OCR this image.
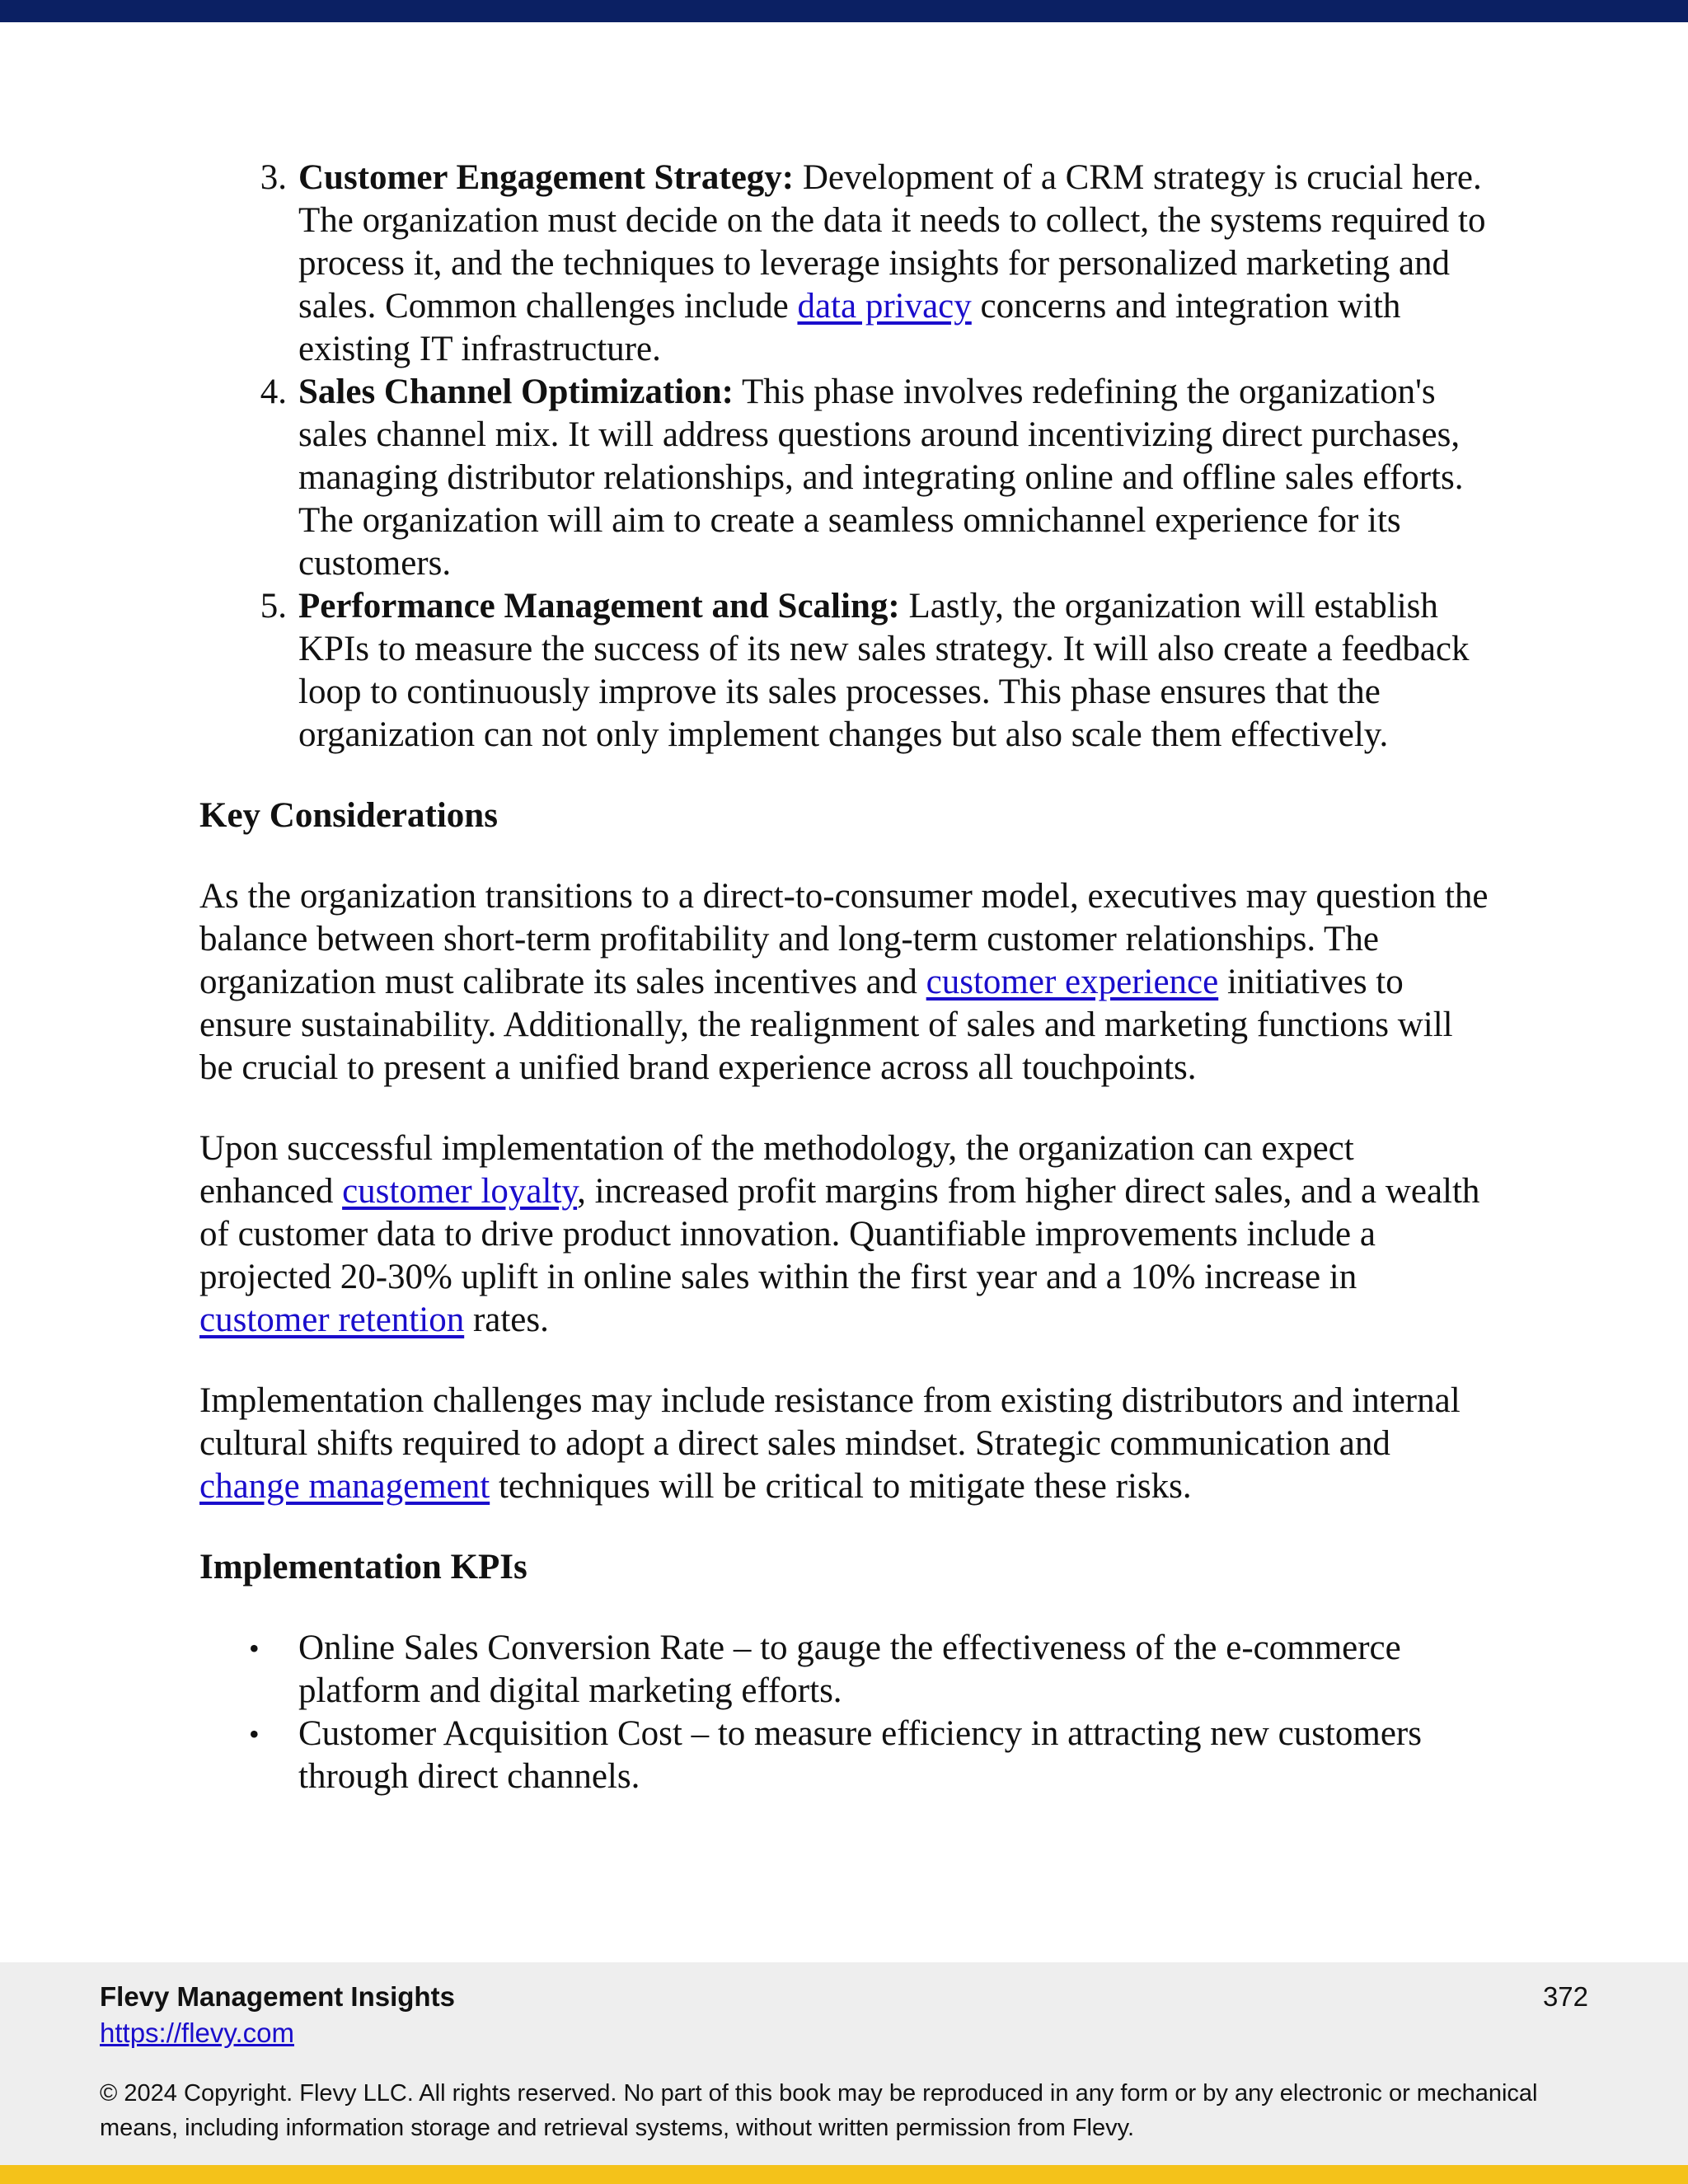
3. Customer Engagement Strategy: Development of a CRM strategy is crucial here. The organization must decide on the data it needs to collect, the systems required to process it, and the techniques to leverage insights for personalized marketing and sales. Common challenges include data privacy concerns and integration with existing IT infrastructure.
4. Sales Channel Optimization: This phase involves redefining the organization's sales channel mix. It will address questions around incentivizing direct purchases, managing distributor relationships, and integrating online and offline sales efforts. The organization will aim to create a seamless omnichannel experience for its customers.
5. Performance Management and Scaling: Lastly, the organization will establish KPIs to measure the success of its new sales strategy. It will also create a feedback loop to continuously improve its sales processes. This phase ensures that the organization can not only implement changes but also scale them effectively.
Key Considerations

As the organization transitions to a direct-to-consumer model, executives may question the balance between short-term profitability and long-term customer relationships. The organization must calibrate its sales incentives and customer experience initiatives to ensure sustainability. Additionally, the realignment of sales and marketing functions will be crucial to present a unified brand experience across all touchpoints.

Upon successful implementation of the methodology, the organization can expect enhanced customer loyalty, increased profit margins from higher direct sales, and a wealth of customer data to drive product innovation. Quantifiable improvements include a projected 20-30% uplift in online sales within the first year and a 10% increase in customer retention rates.

Implementation challenges may include resistance from existing distributors and internal cultural shifts required to adopt a direct sales mindset. Strategic communication and change management techniques will be critical to mitigate these risks.

Implementation KPIs
• Online Sales Conversion Rate – to gauge the effectiveness of the e-commerce platform and digital marketing efforts.
• Customer Acquisition Cost – to measure efficiency in attracting new customers through direct channels.
Flevy Management Insights
https://flevy.com
372
© 2024 Copyright. Flevy LLC. All rights reserved. No part of this book may be reproduced in any form or by any electronic or mechanical means, including information storage and retrieval systems, without written permission from Flevy.
